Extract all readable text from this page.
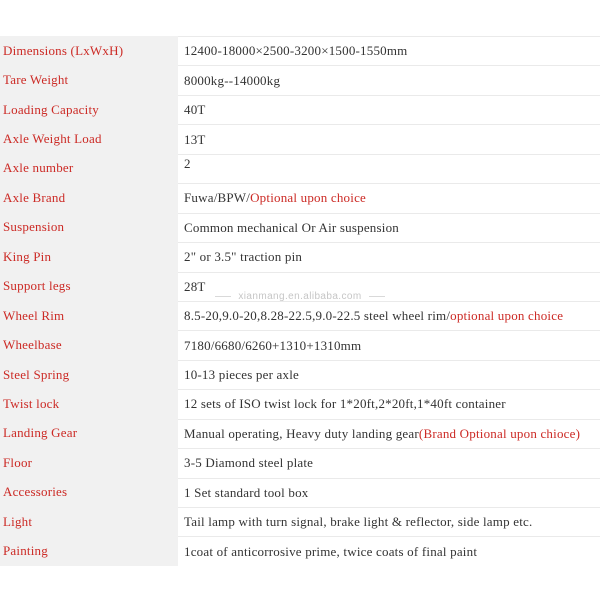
Dimensions (LxWxH)	12400-18000×2500-3200×1500-1550mm
Tare Weight	8000kg--14000kg
Loading Capacity	40T
Axle Weight Load	13T
Axle number	2
Axle Brand	Fuwa/BPW/ Optional upon choice
Suspension	Common mechanical Or Air suspension
King Pin	2" or 3.5" traction pin
Support legs	28T
Wheel Rim	8.5-20,9.0-20,8.28-22.5,9.0-22.5 steel wheel rim/ optional upon choice
Wheelbase	7180/6680/6260+1310+1310mm
Steel Spring	10-13 pieces per axle
Twist lock	12 sets of ISO twist lock for 1*20ft,2*20ft,1*40ft container
Landing Gear	Manual operating, Heavy duty landing gear (Brand Optional upon chioce)
Floor	3-5 Diamond steel plate
Accessories	1 Set standard tool box
Light	Tail lamp with turn signal, brake light & reflector, side lamp etc.
Painting	1coat of anticorrosive prime, twice coats of final paint
xianmang.en.alibaba.com
